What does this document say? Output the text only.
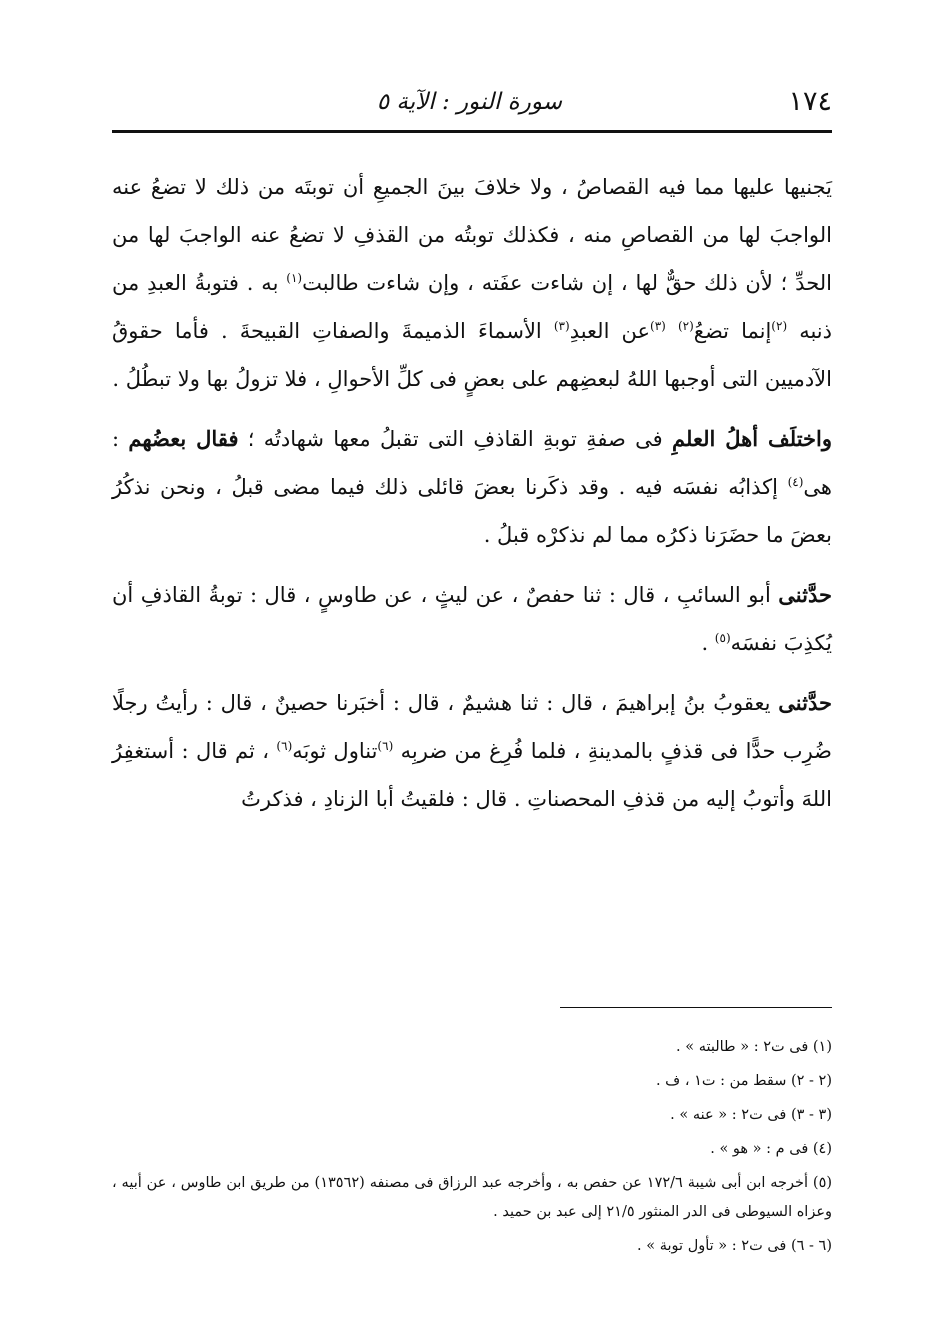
١٧٤
سورة النور : الآية ٥

يَجنيها عليها مما فيه القصاصُ ، ولا خلافَ بينَ الجميعِ أن توبتَه من ذلك لا تضعُ عنه الواجبَ لها من القصاصِ منه ، فكذلك توبتُه من القذفِ لا تضعُ عنه الواجبَ لها من الحدِّ ؛ لأن ذلك حقٌّ لها ، إن شاءت عفَته ، وإن شاءت طالبت$^{(١)}$ به . فتوبةُ العبدِ من ذنبه $^{(٢)}$إنما تضعُ$^{(٢)}$ $^{(٣)}$عن العبدِ$^{(٣)}$ الأسماءَ الذميمةَ والصفاتِ القبيحةَ . فأما حقوقُ الآدميين التى أوجبها اللهُ لبعضِهم على بعضٍ فى كلِّ الأحوالِ ، فلا تزولُ بها ولا تبطُلُ .

واختلَف أهلُ العلمِ فى صفةِ توبةِ القاذفِ التى تقبلُ معها شهادتُه ؛ فقال بعضُهم : هى$^{(٤)}$ إكذابُه نفسَه فيه . وقد ذكَرنا بعضَ قائلى ذلك فيما مضى قبلُ ، ونحن نذكُرُ بعضَ ما حضَرَنا ذكرُه مما لم نذكرْه قبلُ .

حدَّثنى أبو السائبِ ، قال : ثنا حفصٌ ، عن ليثٍ ، عن طاوسٍ ، قال : توبةُ القاذفِ أن يُكذِبَ نفسَه$^{(٥)}$ .

حدَّثنى يعقوبُ بنُ إبراهيمَ ، قال : ثنا هشيمٌ ، قال : أخبَرنا حصينٌ ، قال : رأيتُ رجلًا ضُرِب حدًّا فى قذفٍ بالمدينةِ ، فلما فُرِغ من ضربِه $^{(٦)}$تناول ثوبَه$^{(٦)}$ ، ثم قال : أستغفِرُ اللهَ وأتوبُ إليه من قذفِ المحصناتِ . قال : فلقيتُ أبا الزنادِ ، فذكرتُ

(١) فى ت٢ : « طالبته » .

(٢ - ٢) سقط من : ت١ ، ف .

(٣ - ٣) فى ت٢ : « عنه » .

(٤) فى م : « هو » .

(٥) أخرجه ابن أبى شيبة ١٧٢/٦ عن حفص به ، وأخرجه عبد الرزاق فى مصنفه (١٣٥٦٢) من طريق ابن طاوس ، عن أبيه ، وعزاه السيوطى فى الدر المنثور ٢١/٥ إلى عبد بن حميد .

(٦ - ٦) فى ت٢ : « تأول توبة » .
